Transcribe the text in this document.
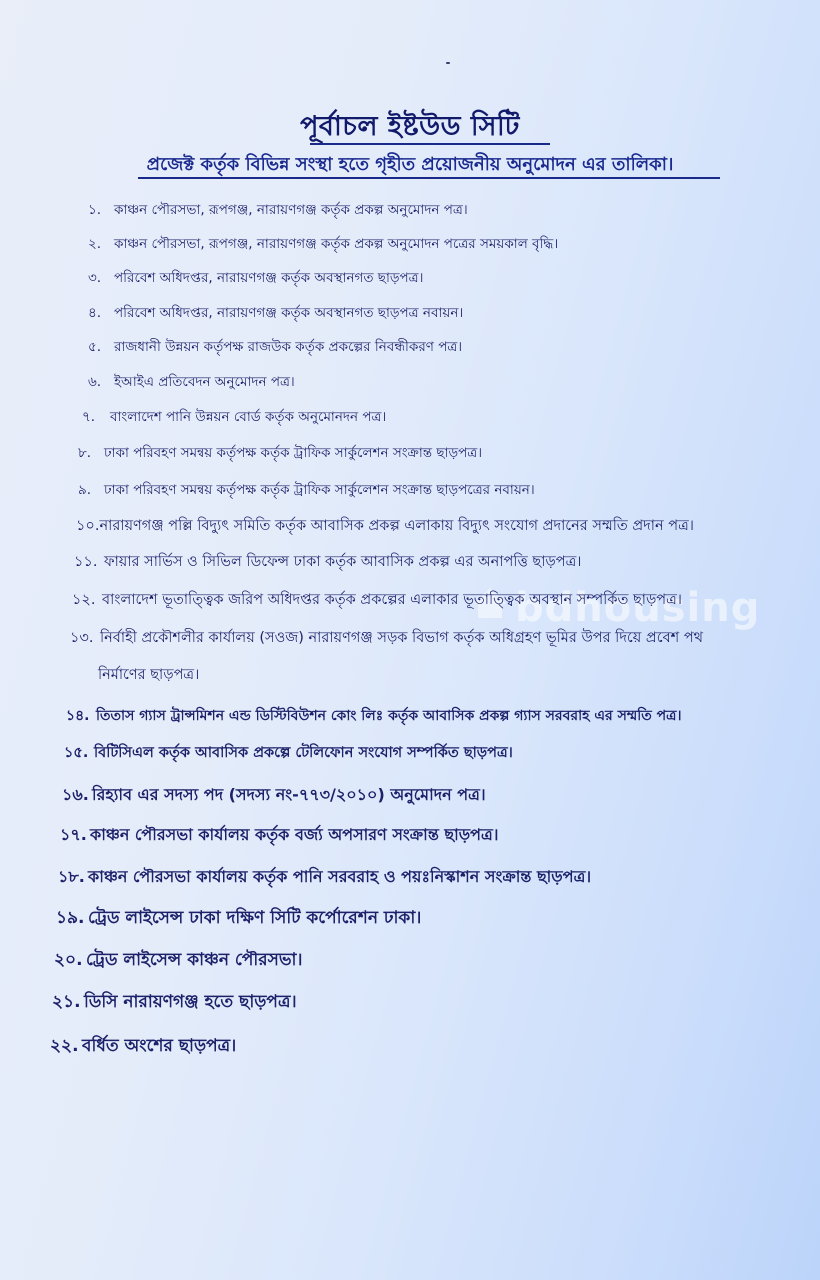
পূর্বাচল ইষ্টউড সিটি
প্রজেক্ট কর্তৃক বিভিন্ন সংস্থা হতে গৃহীত প্রয়োজনীয় অনুমোদন এর তালিকা।
bdhousing
১. কাঞ্চন পৌরসভা, রূপগঞ্জ, নারায়ণগঞ্জ কর্তৃক প্রকল্প অনুমোদন পত্র।
২. কাঞ্চন পৌরসভা, রূপগঞ্জ, নারায়ণগঞ্জ কর্তৃক প্রকল্প অনুমোদন পত্রের সময়কাল বৃদ্ধি।
৩. পরিবেশ অধিদপ্তর, নারায়ণগঞ্জ কর্তৃক অবস্থানগত ছাড়পত্র।
৪. পরিবেশ অধিদপ্তর, নারায়ণগঞ্জ কর্তৃক অবস্থানগত ছাড়পত্র নবায়ন।
৫. রাজধানী উন্নয়ন কর্তৃপক্ষ রাজউক কর্তৃক প্রকল্পের নিবন্ধীকরণ পত্র।
৬. ইআইএ প্রতিবেদন অনুমোদন পত্র।
৭. বাংলাদেশ পানি উন্নয়ন বোর্ড কর্তৃক অনুমোনদন পত্র।
৮. ঢাকা পরিবহণ সমন্বয় কর্তৃপক্ষ কর্তৃক ট্রাফিক সার্কুলেশন সংক্রান্ত ছাড়পত্র।
৯. ঢাকা পরিবহণ সমন্বয় কর্তৃপক্ষ কর্তৃক ট্রাফিক সার্কুলেশন সংক্রান্ত ছাড়পত্রের নবায়ন।
১০.নারায়ণগঞ্জ পল্লি বিদ্যুৎ সমিতি কর্তৃক আবাসিক প্রকল্প এলাকায় বিদ্যুৎ সংযোগ প্রদানের সম্মতি প্রদান পত্র।
১১. ফায়ার সার্ভিস ও সিভিল ডিফেন্স ঢাকা কর্তৃক আবাসিক প্রকল্প এর অনাপত্তি ছাড়পত্র।
১২. বাংলাদেশ ভূতাত্ত্বিক জরিপ অধিদপ্তর কর্তৃক প্রকল্পের এলাকার ভূতাত্ত্বিক অবস্থান সম্পর্কিত ছাড়পত্র।
১৩. নির্বাহী প্রকৌশলীর কার্যালয় (সওজ) নারায়ণগঞ্জ সড়ক বিভাগ কর্তৃক অধিগ্রহণ ভূমির উপর দিয়ে প্রবেশ পথ
নির্মাণের ছাড়পত্র।
১৪. তিতাস গ্যাস ট্রান্সমিশন এন্ড ডিস্টিবিউশন কোং লিঃ কর্তৃক আবাসিক প্রকল্প গ্যাস সরবরাহ এর সম্মতি পত্র।
১৫. বিটিসিএল কর্তৃক আবাসিক প্রকল্পে টেলিফোন সংযোগ সম্পর্কিত ছাড়পত্র।
১৬. রিহ্যাব এর সদস্য পদ (সদস্য নং-৭৭৩/২০১০) অনুমোদন পত্র।
১৭. কাঞ্চন পৌরসভা কার্যালয় কর্তৃক বর্জ্য অপসারণ সংক্রান্ত ছাড়পত্র।
১৮. কাঞ্চন পৌরসভা কার্যালয় কর্তৃক পানি সরবরাহ ও পয়ঃনিস্কাশন সংক্রান্ত ছাড়পত্র।
১৯. ট্রেড লাইসেন্স ঢাকা দক্ষিণ সিটি কর্পোরেশন ঢাকা।
২০. ট্রেড লাইসেন্স কাঞ্চন পৌরসভা।
২১. ডিসি নারায়ণগঞ্জ হতে ছাড়পত্র।
২২. বর্ধিত অংশের ছাড়পত্র।
